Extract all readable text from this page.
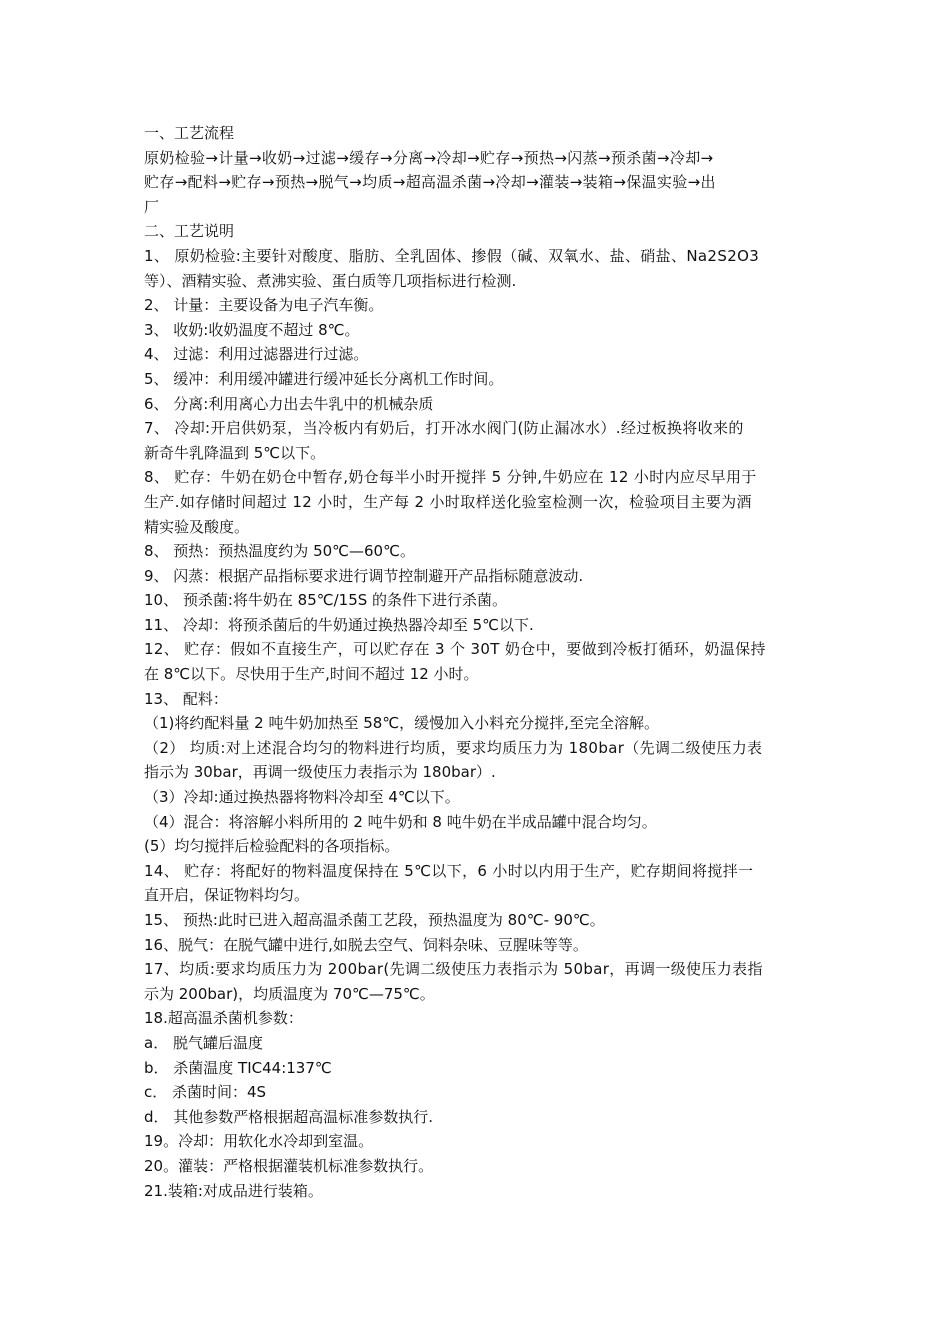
一、工艺流程
原奶检验→计量→收奶→过滤→缓存→分离→冷却→贮存→预热→闪蒸→预杀菌→冷却→
贮存→配料→贮存→预热→脱气→均质→超高温杀菌→冷却→灌装→装箱→保温实验→出
厂
二、工艺说明
1、 原奶检验:主要针对酸度、脂肪、全乳固体、掺假（碱、双氧水、盐、硝盐、Na2S2O3
等）、酒精实验、煮沸实验、蛋白质等几项指标进行检测.
2、 计量：主要设备为电子汽车衡。
3、 收奶:收奶温度不超过 8℃。
4、 过滤：利用过滤器进行过滤。
5、 缓冲：利用缓冲罐进行缓冲延长分离机工作时间。
6、 分离:利用离心力出去牛乳中的机械杂质
7、 冷却:开启供奶泵，当冷板内有奶后，打开冰水阀门(防止漏冰水）.经过板换将收来的
新奇牛乳降温到 5℃以下。
8、 贮存：牛奶在奶仓中暂存,奶仓每半小时开搅拌 5 分钟,牛奶应在 12 小时内应尽早用于
生产.如存储时间超过 12 小时，生产每 2 小时取样送化验室检测一次，检验项目主要为酒
精实验及酸度。
8、 预热：预热温度约为 50℃—60℃。
9、 闪蒸：根据产品指标要求进行调节控制避开产品指标随意波动.
10、 预杀菌:将牛奶在 85℃/15S 的条件下进行杀菌。
11、 冷却：将预杀菌后的牛奶通过换热器冷却至 5℃以下.
12、 贮存：假如不直接生产，可以贮存在 3 个 30T 奶仓中，要做到冷板打循环，奶温保持
在 8℃以下。尽快用于生产,时间不超过 12 小时。
13、 配料：
（1)将约配料量 2 吨牛奶加热至 58℃，缓慢加入小料充分搅拌,至完全溶解。
（2） 均质:对上述混合均匀的物料进行均质，要求均质压力为 180bar（先调二级使压力表
指示为 30bar，再调一级使压力表指示为 180bar）.
（3）冷却:通过换热器将物料冷却至 4℃以下。
（4）混合：将溶解小料所用的 2 吨牛奶和 8 吨牛奶在半成品罐中混合均匀。
(5）均匀搅拌后检验配料的各项指标。
14、 贮存：将配好的物料温度保持在 5℃以下，6 小时以内用于生产，贮存期间将搅拌一
直开启，保证物料均匀。
15、 预热:此时已进入超高温杀菌工艺段，预热温度为 80℃- 90℃。
16、脱气：在脱气罐中进行,如脱去空气、饲料杂味、豆腥味等等。
17、均质:要求均质压力为 200bar(先调二级使压力表指示为 50bar，再调一级使压力表指
示为 200bar)，均质温度为 70℃—75℃。
18.超高温杀菌机参数：
a． 脱气罐后温度
b． 杀菌温度 TIC44:137℃
c． 杀菌时间：4S
d． 其他参数严格根据超高温标准参数执行.
19。冷却：用软化水冷却到室温。
20。灌装：严格根据灌装机标准参数执行。
21.装箱:对成品进行装箱。
